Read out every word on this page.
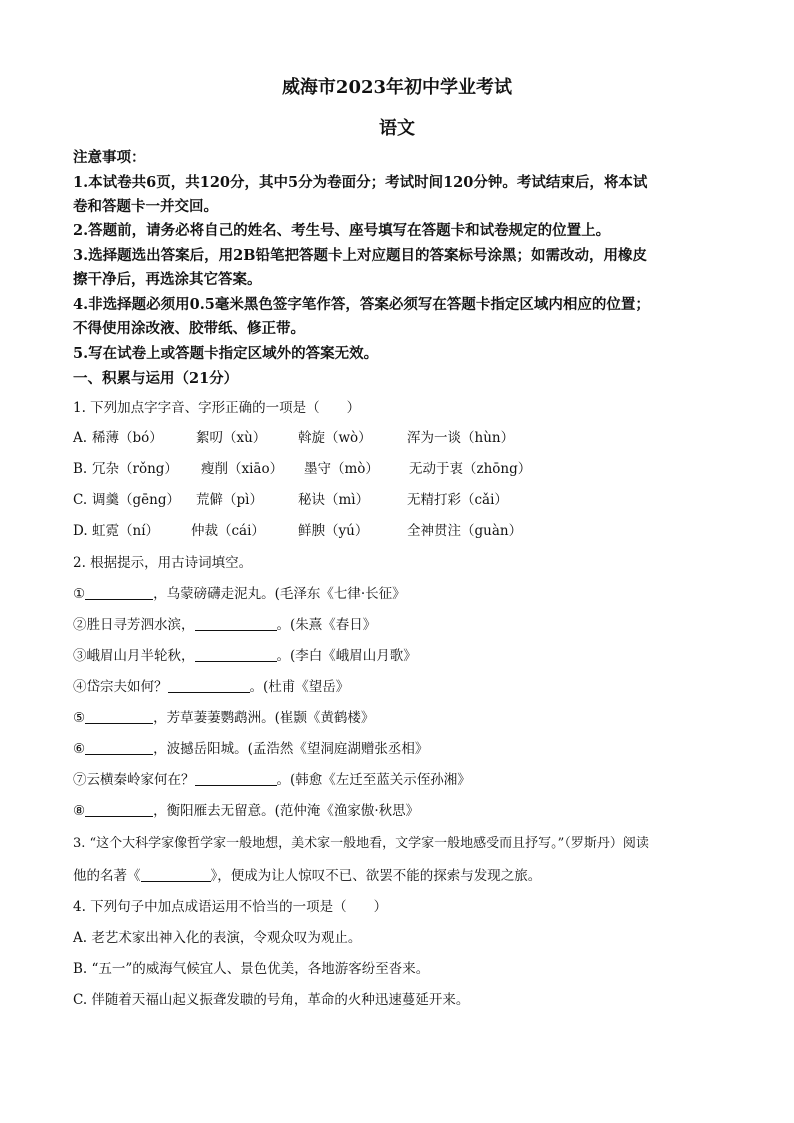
威海市2023年初中学业考试
语文
注意事项：
1.本试卷共6页，共120分，其中5分为卷面分；考试时间120分钟。考试结束后，将本试
卷和答题卡一并交回。
2.答题前，请务必将自己的姓名、考生号、座号填写在答题卡和试卷规定的位置上。
3.选择题选出答案后，用2B铅笔把答题卡上对应题目的答案标号涂黑；如需改动，用橡皮
擦干净后，再选涂其它答案。
4.非选择题必须用0.5毫米黑色签字笔作答，答案必须写在答题卡指定区域内相应的位置；
不得使用涂改液、胶带纸、修正带。
5.写在试卷上或答题卡指定区域外的答案无效。
一、积累与运用（21分）
1. 下列加点字字音、字形正确的一项是（　　）
A. 稀薄（bó） 絮叨（xù） 斡旋（wò）	浑为一谈（hùn）
B. 冗杂（rǒng） 瘦削（xiāo） 墨守（mò） 无动于衷（zhōng）
C. 调羹（gēng） 荒僻（pì）	秘诀（mì）	无精打彩（cǎi）
D. 虹霓（ní） 仲裁（cái） 鲜腴（yú）	全神贯注（guàn）
2. 根据提示，用古诗词填空。
①	，乌蒙磅礴走泥丸。(毛泽东《七律·长征》
②胜日寻芳泗水滨，	。(朱熹《春日》
③峨眉山月半轮秋，	。(李白《峨眉山月歌》
④岱宗夫如何？	。(杜甫《望岳》
⑤	，芳草萋萋鹦鹉洲。(崔颢《黄鹤楼》
⑥	，波撼岳阳城。(孟浩然《望洞庭湖赠张丞相》
⑦云横秦岭家何在？	。(韩愈《左迁至蓝关示侄孙湘》
⑧	，衡阳雁去无留意。(范仲淹《渔家傲·秋思》
3. “这个大科学家像哲学家一般地想，美术家一般地看，文学家一般地感受而且抒写。”（罗斯丹）阅读
他的名著《	》，便成为让人惊叹不已、欲罢不能的探索与发现之旅。
4. 下列句子中加点成语运用不恰当的一项是（　　）
A. 老艺术家出神入化的表演，令观众叹为观止。
B. “五一”的威海气候宜人、景色优美，各地游客纷至沓来。
C. 伴随着天福山起义振聋发聩的号角，革命的火种迅速蔓延开来。
